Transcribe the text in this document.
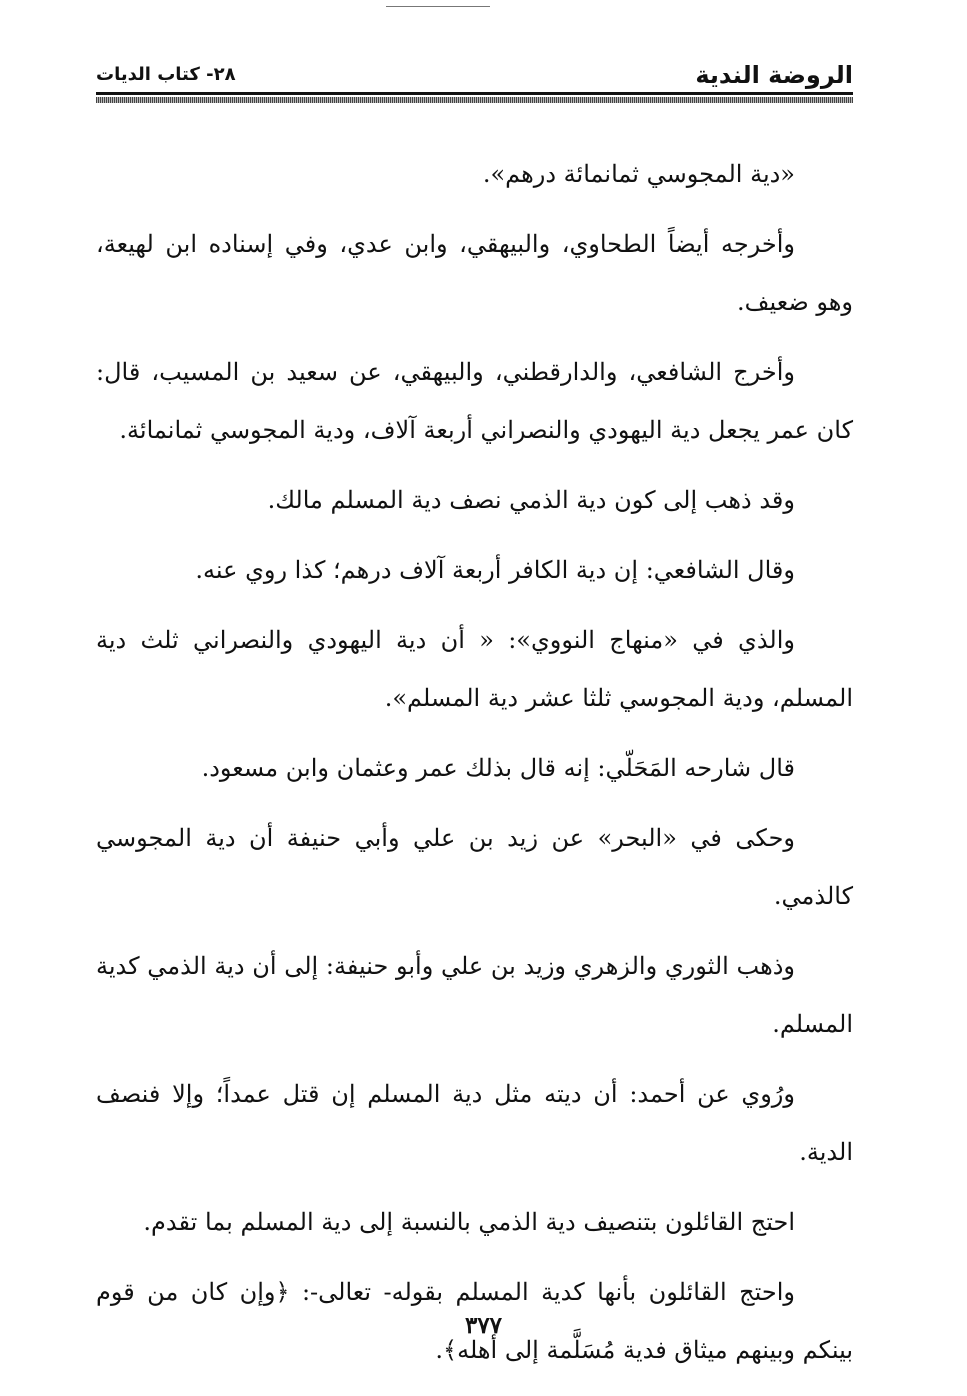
الروضة الندية
٢٨- كتاب الديات

«دية المجوسي ثمانمائة درهم».

وأخرجه أيضاً الطحاوي، والبيهقي، وابن عدي، وفي إسناده ابن لهيعة، وهو ضعيف.

وأخرج الشافعي، والدارقطني، والبيهقي، عن سعيد بن المسيب، قال: كان عمر يجعل دية اليهودي والنصراني أربعة آلاف، ودية المجوسي ثمانمائة.

وقد ذهب إلى كون دية الذمي نصف دية المسلم مالك.

وقال الشافعي: إن دية الكافر أربعة آلاف درهم؛ كذا روي عنه.

والذي في «منهاج النووي»: « أن دية اليهودي والنصراني ثلث دية المسلم، ودية المجوسي ثلثا عشر دية المسلم».

قال شارحه المَحَلّي: إنه قال بذلك عمر وعثمان وابن مسعود.

وحكى في «البحر» عن زيد بن علي وأبي حنيفة أن دية المجوسي كالذمي.

وذهب الثوري والزهري وزيد بن علي وأبو حنيفة: إلى أن دية الذمي كدية المسلم.

ورُوي عن أحمد: أن ديته مثل دية المسلم إن قتل عمداً؛ وإلا فنصف الدية.

احتج القائلون بتنصيف دية الذمي بالنسبة إلى دية المسلم بما تقدم.

واحتج القائلون بأنها كدية المسلم بقوله- تعالى-: ﴿وإن كان من قوم بينكم وبينهم ميثاق فدية مُسَلَّمة إلى أهله﴾.

٣٧٧
